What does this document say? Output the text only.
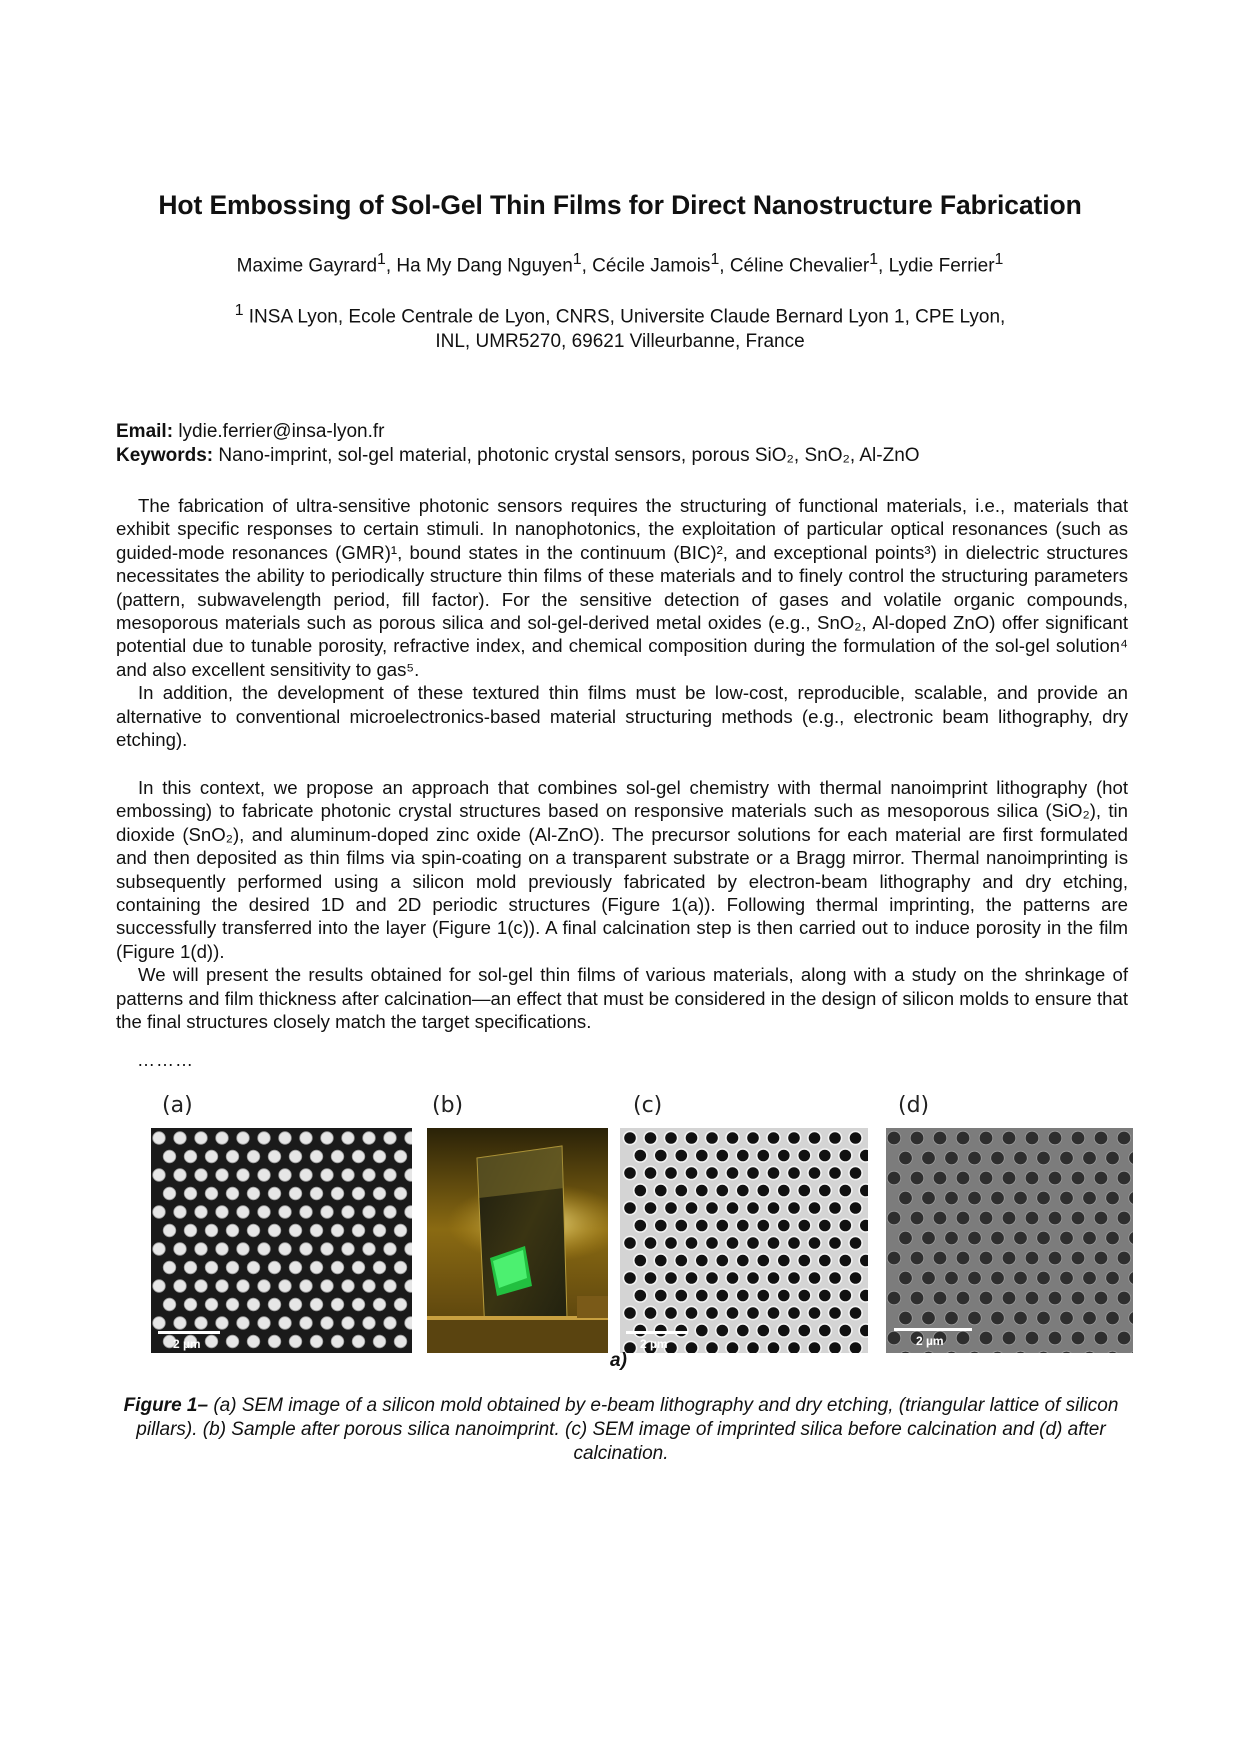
Hot Embossing of Sol-Gel Thin Films for Direct Nanostructure Fabrication
Maxime Gayrard$^1$, Ha My Dang Nguyen$^1$, Cécile Jamois$^1$, Céline Chevalier$^1$, Lydie Ferrier$^1$
$^1$ INSA Lyon, Ecole Centrale de Lyon, CNRS, Universite Claude Bernard Lyon 1, CPE Lyon,
INL, UMR5270, 69621 Villeurbanne, France
Email: lydie.ferrier@insa-lyon.fr
Keywords: Nano-imprint, sol-gel material, photonic crystal sensors, porous SiO₂, SnO₂, Al-ZnO

The fabrication of ultra-sensitive photonic sensors requires the structuring of functional materials, i.e., materials that exhibit specific responses to certain stimuli. In nanophotonics, the exploitation of particular optical resonances (such as guided-mode resonances (GMR)¹, bound states in the continuum (BIC)², and exceptional points³) in dielectric structures necessitates the ability to periodically structure thin films of these materials and to finely control the structuring parameters (pattern, subwavelength period, fill factor). For the sensitive detection of gases and volatile organic compounds, mesoporous materials such as porous silica and sol-gel-derived metal oxides (e.g., SnO₂, Al-doped ZnO) offer significant potential due to tunable porosity, refractive index, and chemical composition during the formulation of the sol-gel solution⁴ and also excellent sensitivity to gas⁵.

In addition, the development of these textured thin films must be low-cost, reproducible, scalable, and provide an alternative to conventional microelectronics-based material structuring methods (e.g., electronic beam lithography, dry etching).

In this context, we propose an approach that combines sol-gel chemistry with thermal nanoimprint lithography (hot embossing) to fabricate photonic crystal structures based on responsive materials such as mesoporous silica (SiO₂), tin dioxide (SnO₂), and aluminum-doped zinc oxide (Al-ZnO). The precursor solutions for each material are first formulated and then deposited as thin films via spin-coating on a transparent substrate or a Bragg mirror. Thermal nanoimprinting is subsequently performed using a silicon mold previously fabricated by electron-beam lithography and dry etching, containing the desired 1D and 2D periodic structures (Figure 1(a)). Following thermal imprinting, the patterns are successfully transferred into the layer (Figure 1(c)). A final calcination step is then carried out to induce porosity in the film (Figure 1(d)).

We will present the results obtained for sol-gel thin films of various materials, along with a study on the shrinkage of patterns and film thickness after calcination—an effect that must be considered in the design of silicon molds to ensure that the final structures closely match the target specifications.

………
(a)	(b)	(c)	(d)
2 µm	2 µm	2 µm
a)
Figure 1– (a) SEM image of a silicon mold obtained by e-beam lithography and dry etching, (triangular lattice of silicon pillars). (b) Sample after porous silica nanoimprint. (c) SEM image of imprinted silica before calcination and (d) after calcination.
